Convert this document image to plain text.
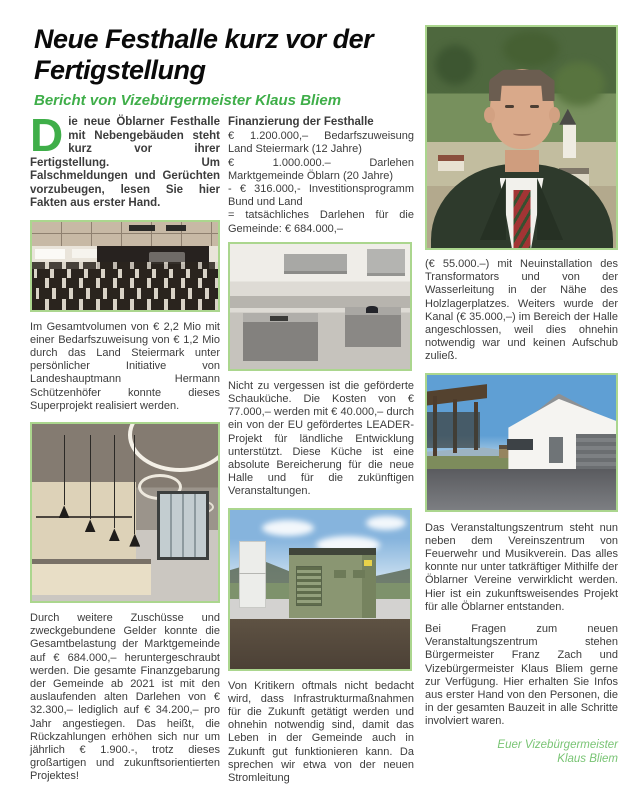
Neue Festhalle kurz vor der
Fertigstellung
Bericht von Vizebürgermeister Klaus Bliem

Die neue Öblarner Festhalle mit Nebengebäuden steht kurz vor ihrer Fertigstellung. Um Falschmeldungen und Gerüchten vorzubeugen, lesen Sie hier Fakten aus erster Hand.

Im Gesamtvolumen von € 2,2 Mio mit einer Bedarfszuweisung von € 1,2 Mio durch das Land Steiermark unter persönlicher Initiative von Landeshauptmann Hermann Schützenhöfer konnte dieses Superprojekt realisiert werden.

Durch weitere Zuschüsse und zweckgebundene Gelder konnte die Gesamtbelastung der Marktgemeinde auf € 684.000,– heruntergeschraubt werden. Die gesamte Finanzgebarung der Gemeinde ab 2021 ist mit den auslaufenden alten Darlehen von € 32.300,– lediglich auf € 34.200,– pro Jahr angestiegen. Das heißt, die Rückzahlungen erhöhen sich nur um jährlich € 1.900.-, trotz dieses großartigen und zukunftsorientierten Projektes!

Finanzierung der Festhalle

€ 1.200.000,– Bedarfszuweisung Land Steiermark (12 Jahre)

€ 1.000.000.– Darlehen Marktgemeinde Öblarn (20 Jahre)

- € 316.000,- Investitionsprogramm Bund und Land

= tatsächliches Darlehen für die Gemeinde: € 684.000,–

Nicht zu vergessen ist die geförderte Schauküche. Die Kosten von € 77.000,– werden mit € 40.000,– durch ein von der EU gefördertes LEADER-Projekt für ländliche Entwicklung unterstützt. Diese Küche ist eine absolute Bereicherung für die neue Halle und für die zukünftigen Veranstaltungen.

Von Kritikern oftmals nicht bedacht wird, dass Infrastrukturmaßnahmen für die Zukunft getätigt werden und ohnehin notwendig sind, damit das Leben in der Gemeinde auch in Zukunft gut funktionieren kann. Da sprechen wir etwa von der neuen Stromleitung

(€ 55.000.–) mit Neuinstallation des Transformators und von der Wasserleitung in der Nähe des Holzlagerplatzes. Weiters wurde der Kanal (€ 35.000,–) im Bereich der Halle angeschlossen, weil dies ohnehin notwendig war und keinen Aufschub zuließ.

Das Veranstaltungszentrum steht nun neben dem Vereinszentrum von Feuerwehr und Musikverein. Das alles konnte nur unter tatkräftiger Mithilfe der Öblarner Vereine verwirklicht werden. Hier ist ein zukunftsweisendes Projekt für alle Öblarner entstanden.

Bei Fragen zum neuen Veranstaltungszentrum stehen Bürgermeister Franz Zach und Vizebürgermeister Klaus Bliem gerne zur Verfügung. Hier erhalten Sie Infos aus erster Hand von den Personen, die in der gesamten Bauzeit in alle Schritte involviert waren.

Euer Vizebürgermeister
Klaus Bliem
